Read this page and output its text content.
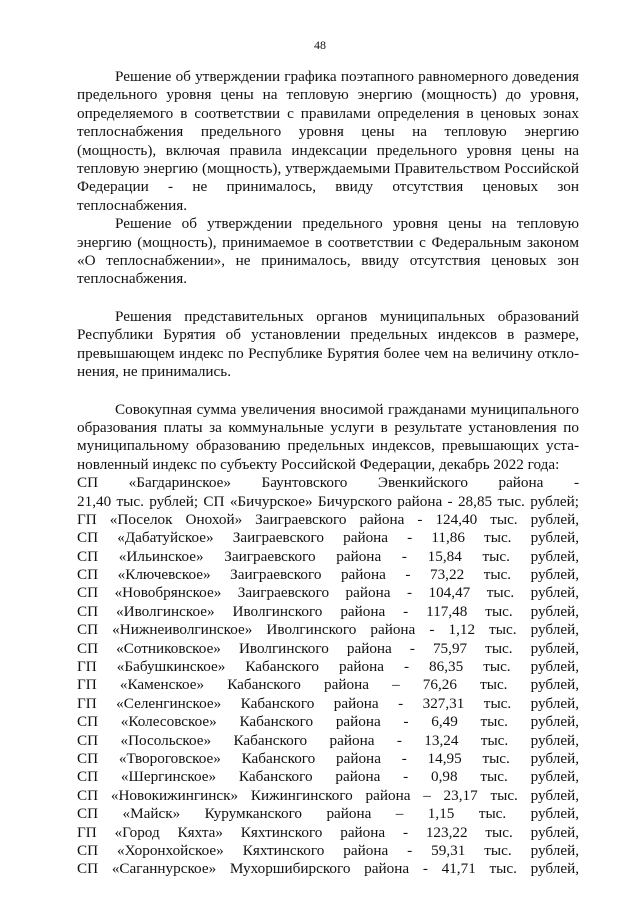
48

Решение об утверждении графика поэтапного равномерного доведения предельного уровня цены на тепловую энергию (мощность) до уровня, определяемого в соответствии с правилами определения в ценовых зонах теплоснабжения предельного уровня цены на тепловую энергию (мощность), включая правила индексации предельного уровня цены на тепловую энергию (мощность), утверждаемыми Правительством Российской Федерации - не принималось, ввиду отсутствия ценовых зон теплоснабжения.

Решение об утверждении предельного уровня цены на тепловую энергию (мощность), принимаемое в соответствии с Федеральным законом «О теплоснабжении», не принималось, ввиду отсутствия ценовых зон теплоснабжения.

Решения представительных органов муниципальных образований Республики Бурятия об установлении предельных индексов в размере, превышающем индекс по Республике Бурятия более чем на величину отклонения, не принимались.

Совокупная сумма увеличения вносимой гражданами муниципального образования платы за коммунальные услуги в результате установления по муниципальному образованию предельных индексов, превышающих установленный индекс по субъекту Российской Федерации, декабрь 2022 года:

СП «Багдаринское» Баунтовского Эвенкийского района -

21,40 тыс. рублей; СП «Бичурское» Бичурского района - 28,85 тыс. рублей;

ГП «Поселок Онохой» Заиграевского района - 124,40 тыс. рублей,

СП «Дабатуйское» Заиграевского района - 11,86 тыс. рублей,

СП «Ильинское» Заиграевского района - 15,84 тыс. рублей,

СП «Ключевское» Заиграевского района - 73,22 тыс. рублей,

СП «Новобрянское» Заиграевского района - 104,47 тыс. рублей,

СП «Иволгинское» Иволгинского района - 117,48 тыс. рублей,

СП «Нижнеиволгинское» Иволгинского района - 1,12 тыс. рублей,

СП «Сотниковское» Иволгинского района - 75,97 тыс. рублей,

ГП «Бабушкинское» Кабанского района - 86,35 тыс. рублей,

ГП «Каменское» Кабанского района – 76,26 тыс. рублей,

ГП «Селенгинское» Кабанского района - 327,31 тыс. рублей,

СП «Колесовское» Кабанского района - 6,49 тыс. рублей,

СП «Посольское» Кабанского района - 13,24 тыс. рублей,

СП «Твороговское» Кабанского района - 14,95 тыс. рублей,

СП «Шергинское» Кабанского района - 0,98 тыс. рублей,

СП «Новокижингинск» Кижингинского района – 23,17 тыс. рублей,

СП «Майск» Курумканского района – 1,15 тыс. рублей,

ГП «Город Кяхта» Кяхтинского района - 123,22 тыс. рублей,

СП «Хоронхойское» Кяхтинского района - 59,31 тыс. рублей,

СП «Саганнурское» Мухоршибирского района - 41,71 тыс. рублей,
